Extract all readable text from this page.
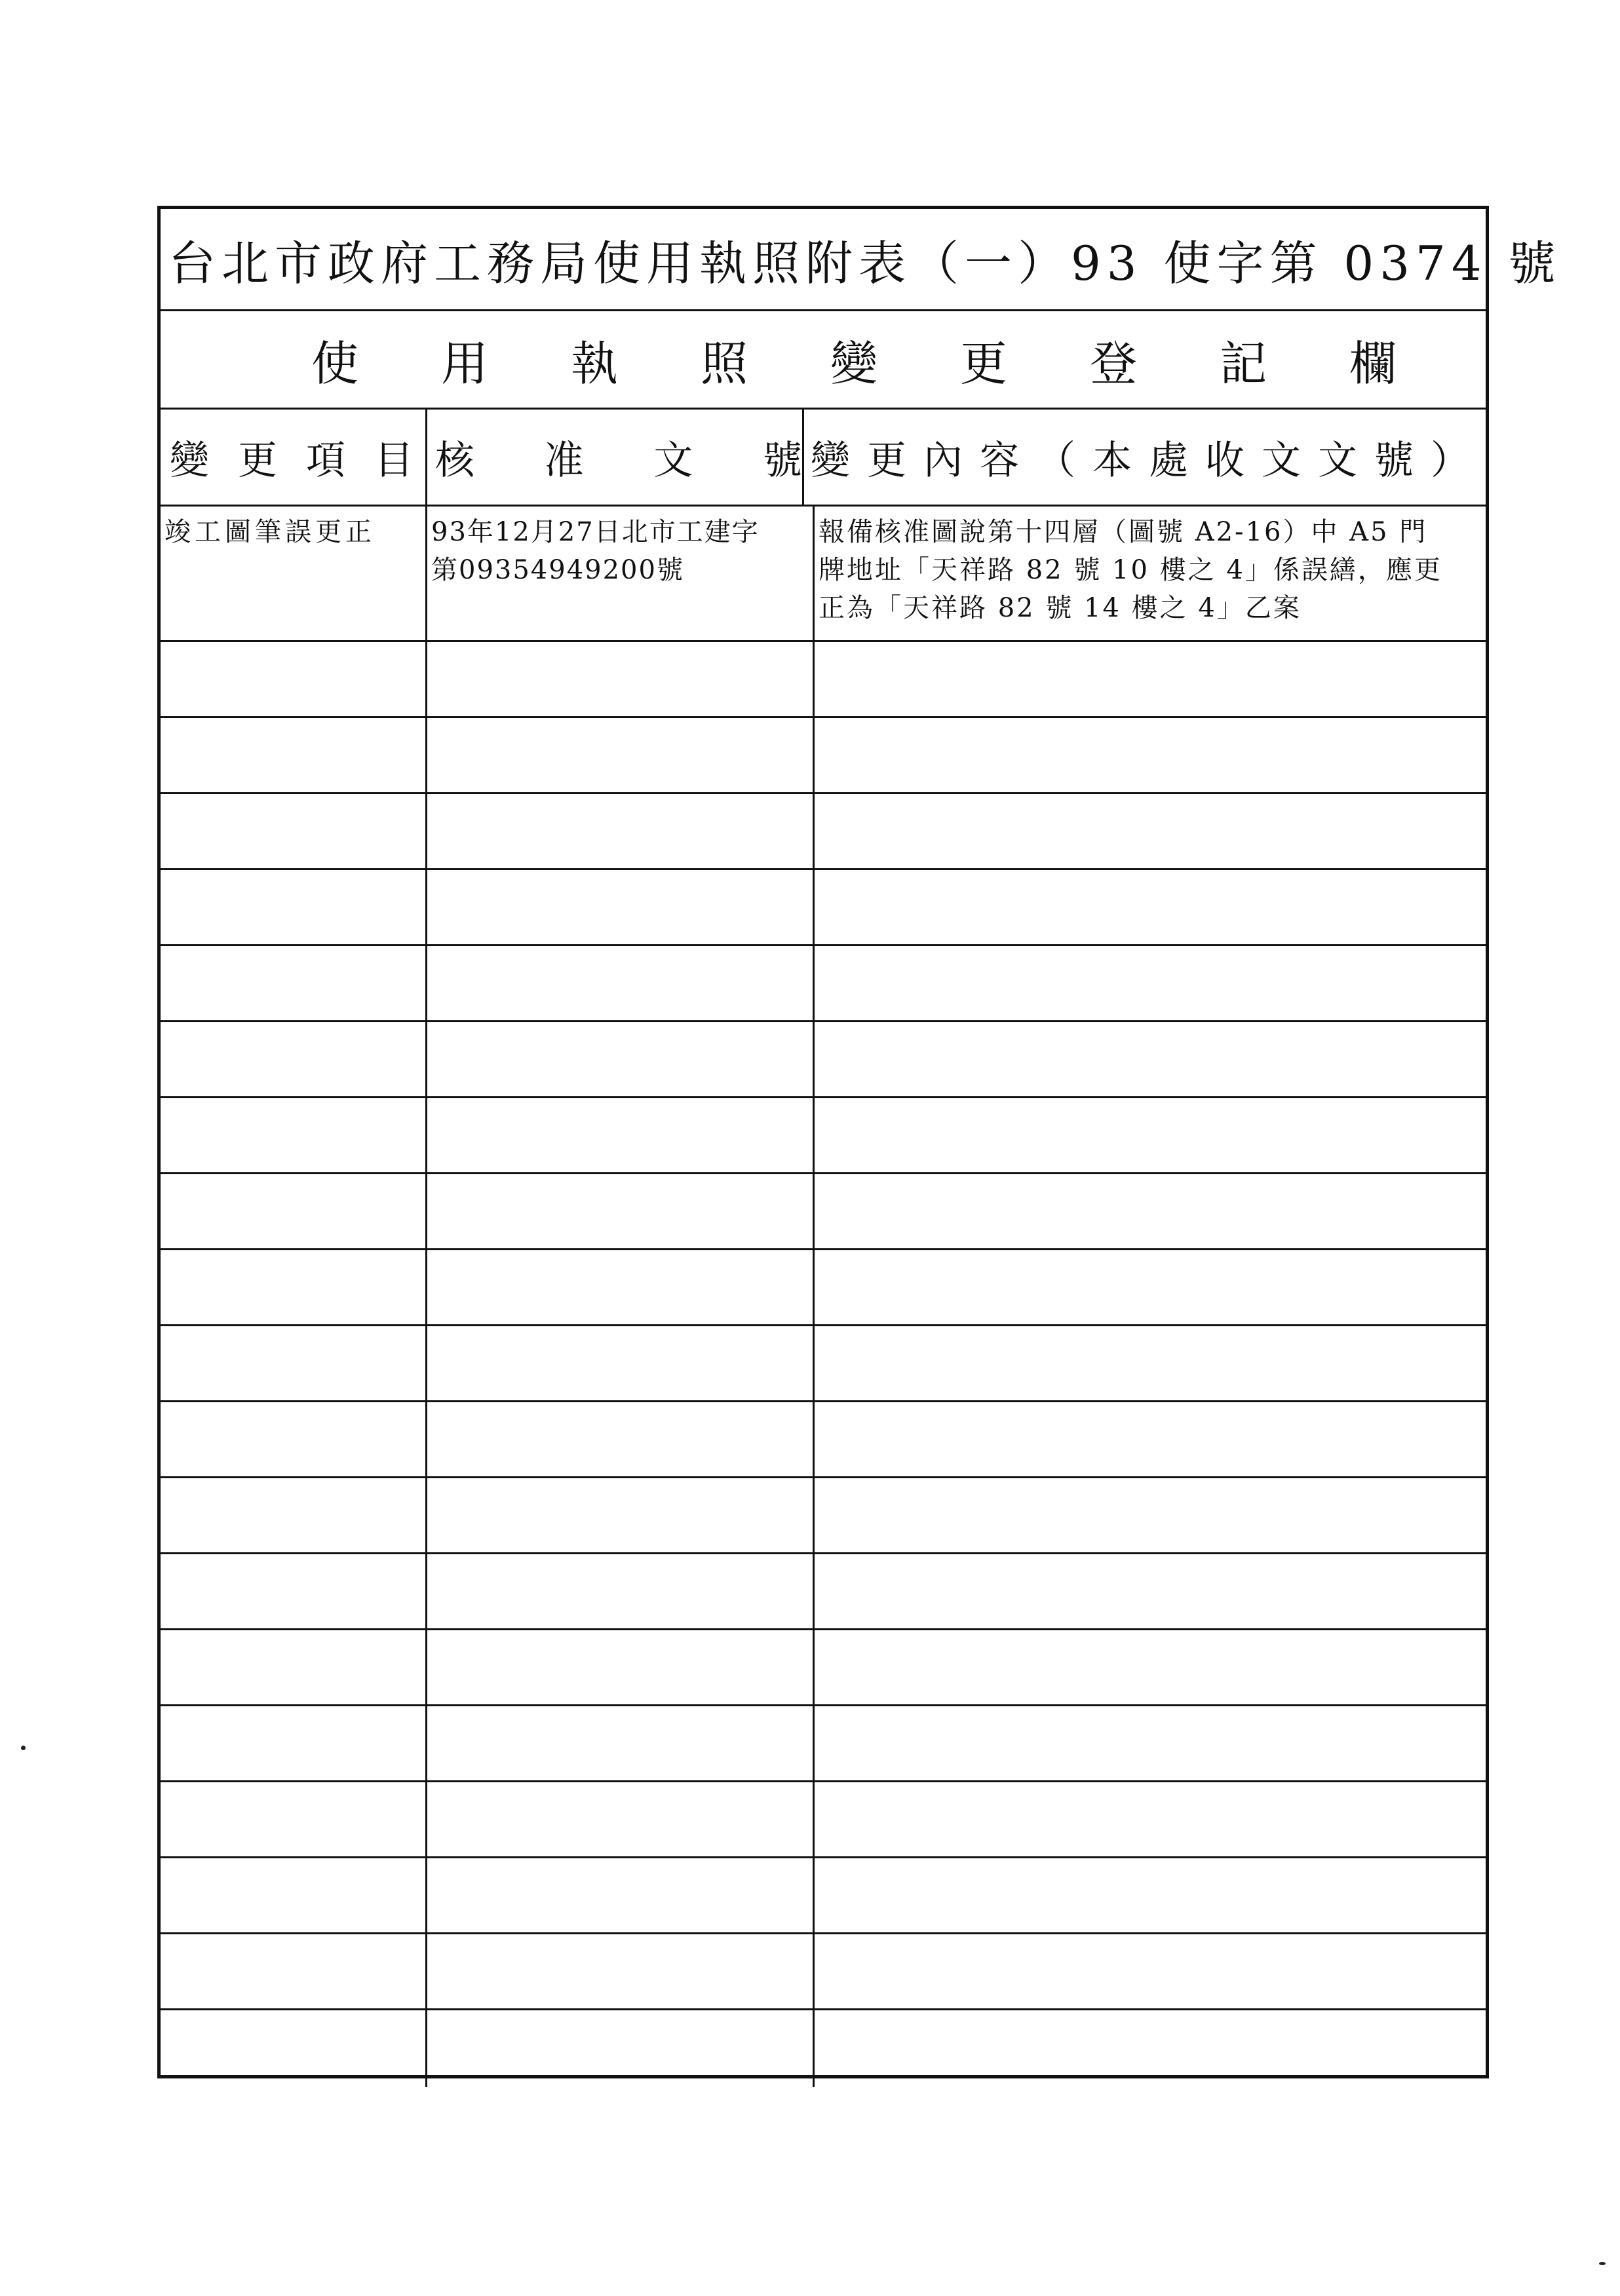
台北市政府工務局使用執照附表（一）93 使字第 0374 號
使用執照變更登記欄
變更項目
核 准 文 號 變更內容（本處收文文號）
竣工圖筆誤更正	93年12月27日北市工建字
第09354949200號
報備核准圖說第十四層（圖號 A2-16）中 A5 門
牌地址「天祥路 82 號 10 樓之 4」係誤繕，應更
正為「天祥路 82 號 14 樓之 4」乙案
